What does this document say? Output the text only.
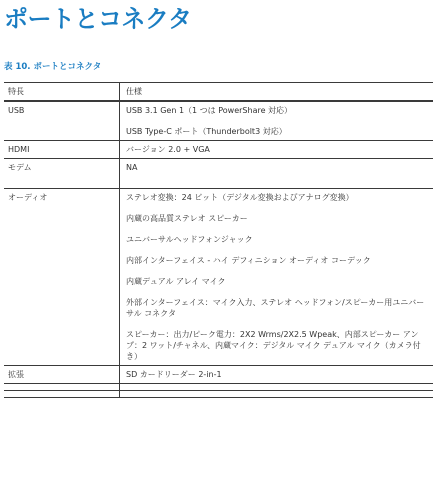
ポートとコネクタ
表 10. ポートとコネクタ
特長	仕様
USB	USB 3.1 Gen 1（1 つは PowerShare 対応）
USB Type-C ポート（Thunderbolt3 対応）
HDMI	バージョン 2.0 + VGA
モデム	NA
オーディオ	ステレオ変換：24 ビット（デジタル変換およびアナログ変換）
内蔵の高品質ステレオ スピーカー
ユニバーサルヘッドフォンジャック
内部インターフェイス - ハイ デフィニション オーディオ コーデック
内蔵デュアル アレイ マイク
外部インターフェイス：マイク入力、ステレオ ヘッドフォン/スピーカー用ユニバーサル コネクタ
スピーカー：出力/ピーク電力：2X2 Wrms/2X2.5 Wpeak、内部スピーカー アンプ：2 ワット/チャネル、内蔵マイク：デジタル マイク デュアル マイク（カメラ付き）
拡張	SD カードリーダー 2-in-1
